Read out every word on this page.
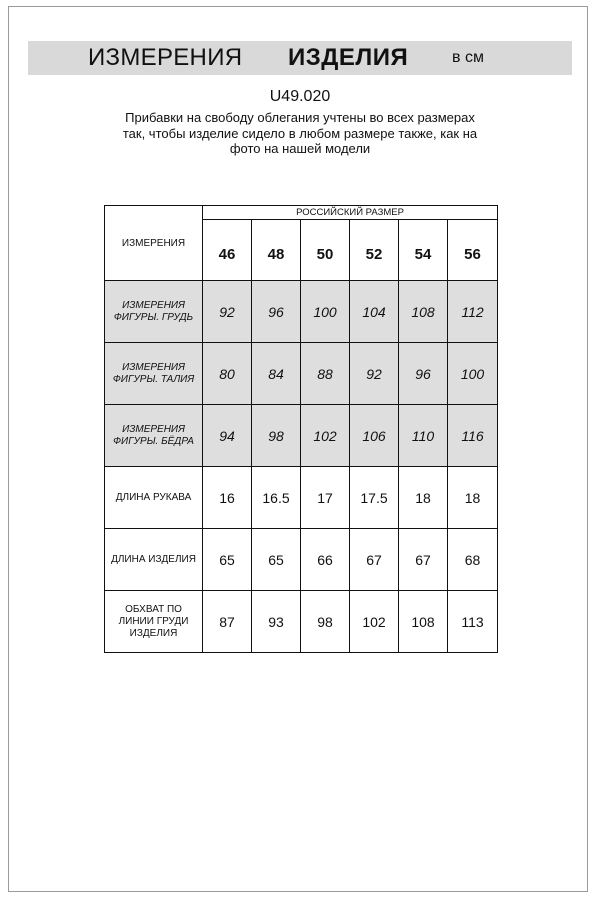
ИЗМЕРЕНИЯ ИЗДЕЛИЯ	в см
U49.020
Прибавки на свободу облегания учтены во всех размерах
так, чтобы изделие сидело в любом размере также, как на
фото на нашей модели
ИЗМЕРЕНИЯ	РОССИЙСКИЙ РАЗМЕР					
	46	48	50	52	54	56

ИЗМЕРЕНИЯ
ФИГУРЫ. ГРУДЬ	92	96	100	104	108	112

ИЗМЕРЕНИЯ
ФИГУРЫ. ТАЛИЯ	80	84	88	92	96	100

ИЗМЕРЕНИЯ
ФИГУРЫ. БЁДРА	94	98	102	106	110	116

ДЛИНА РУКАВА	16	16.5	17	17.5	18	18

ДЛИНА ИЗДЕЛИЯ	65	65	66	67	67	68

ОБХВАТ ПО
ЛИНИИ ГРУДИ
ИЗДЕЛИЯ	87	93	98	102	108	113
